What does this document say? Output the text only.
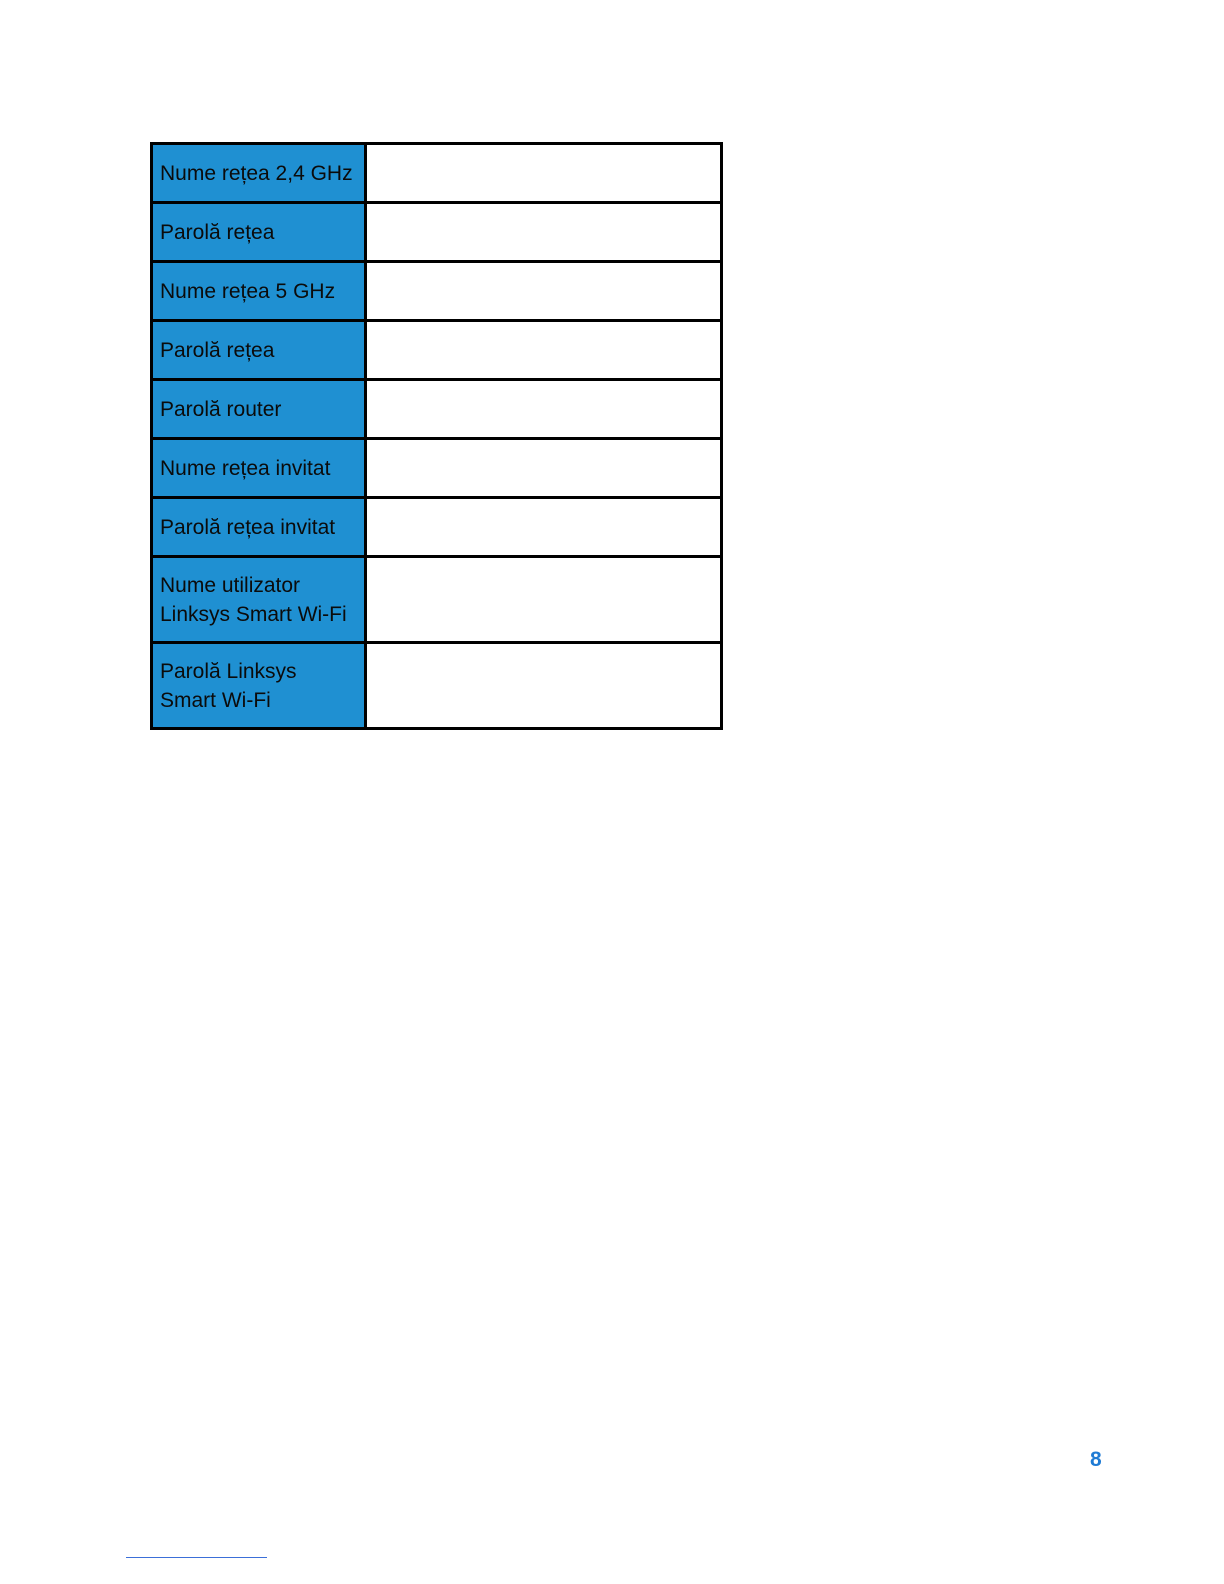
Nume rețea 2,4 GHz	

Parolă rețea	

Nume rețea 5 GHz	

Parolă rețea	

Parolă router	

Nume rețea invitat	

Parolă rețea invitat	

Nume utilizator
Linksys Smart Wi-Fi	

Parolă Linksys
Smart Wi-Fi	

8
